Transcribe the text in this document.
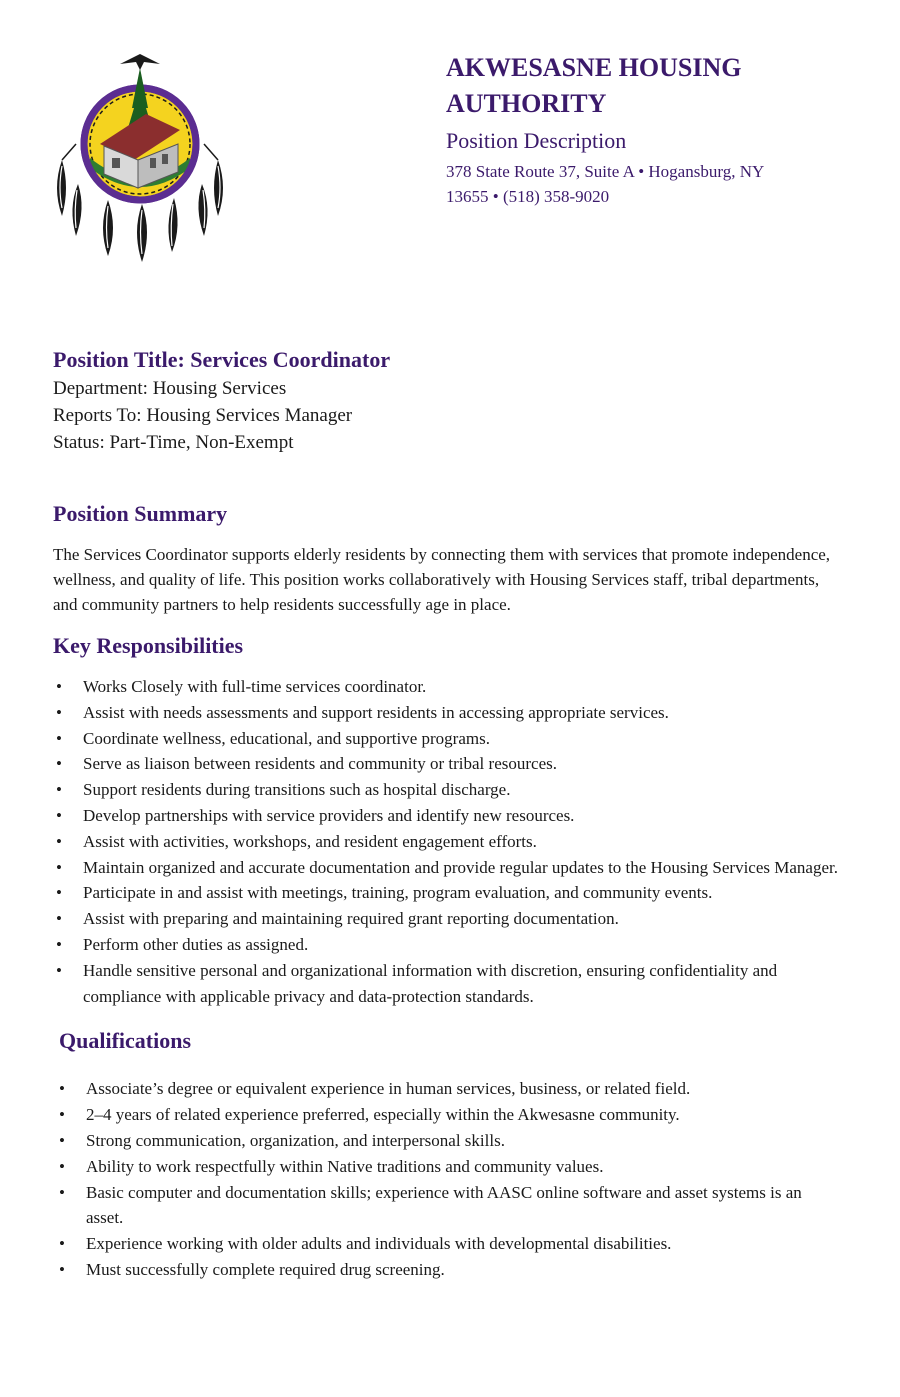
AKWESASNE HOUSING AUTHORITY
Position Description
378 State Route 37, Suite A • Hogansburg, NY
13655 • (518) 358-9020
Position Title: Services Coordinator
Department: Housing Services
Reports To: Housing Services Manager
Status: Part-Time, Non-Exempt
Position Summary

The Services Coordinator supports elderly residents by connecting them with services that promote independence, wellness, and quality of life. This position works collaboratively with Housing Services staff, tribal departments, and community partners to help residents successfully age in place.

Key Responsibilities
• Works Closely with full-time services coordinator.
• Assist with needs assessments and support residents in accessing appropriate services.
• Coordinate wellness, educational, and supportive programs.
• Serve as liaison between residents and community or tribal resources.
• Support residents during transitions such as hospital discharge.
• Develop partnerships with service providers and identify new resources.
• Assist with activities, workshops, and resident engagement efforts.
• Maintain organized and accurate documentation and provide regular updates to the Housing Services Manager.
• Participate in and assist with meetings, training, program evaluation, and community events.
• Assist with preparing and maintaining required grant reporting documentation.
• Perform other duties as assigned.
• Handle sensitive personal and organizational information with discretion, ensuring confidentiality and compliance with applicable privacy and data-protection standards.
Qualifications
• Associate’s degree or equivalent experience in human services, business, or related field.
• 2–4 years of related experience preferred, especially within the Akwesasne community.
• Strong communication, organization, and interpersonal skills.
• Ability to work respectfully within Native traditions and community values.
• Basic computer and documentation skills; experience with AASC online software and asset systems is an asset.
• Experience working with older adults and individuals with developmental disabilities.
• Must successfully complete required drug screening.
